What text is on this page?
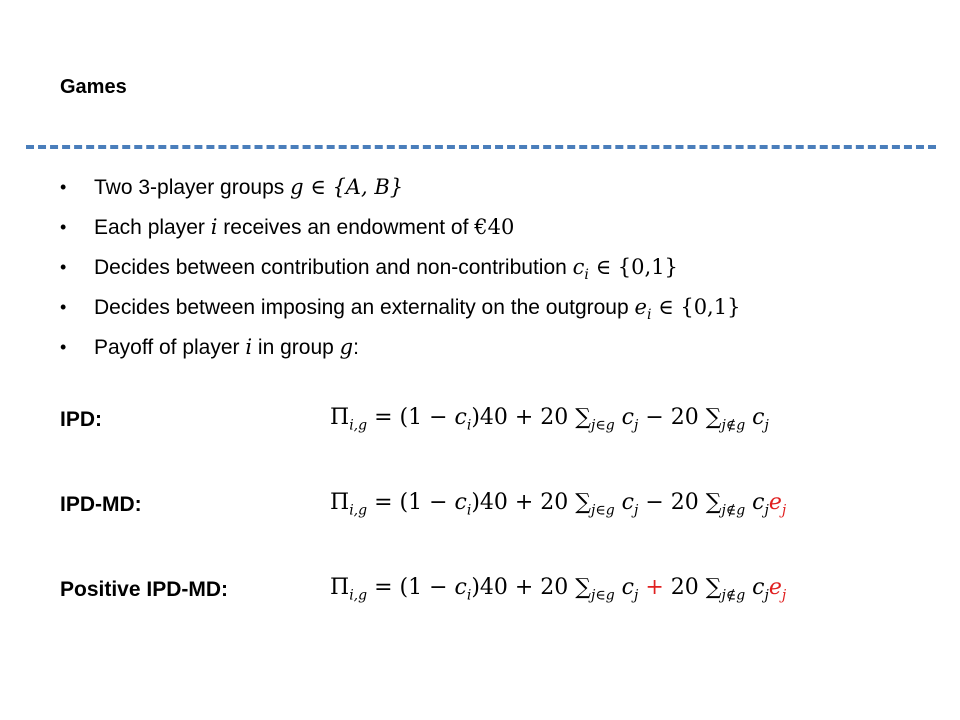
Games
• Two 3-player groups g ∈ {A, B}
• Each player i receives an endowment of €40
• Decides between contribution and non-contribution $c_i$ ∈ {0,1}
• Decides between imposing an externality on the outgroup $e_i$ ∈ {0,1}
• Payoff of player i in group g:
IPD:	$\Pi_{i,g} = (1 - c_i)40 + 20$ $\sum_{j\in g}$ $c_j - 20$ $\sum_{j\notin g}$ $c_j$
IPD-MD:	$\Pi_{i,g} = (1 - c_i)40 + 20$ $\sum_{j\in g}$ $c_j - 20$ $\sum_{j\notin g}$ $c_je_j$
Positive IPD-MD:	$\Pi_{i,g} = (1 - c_i)40 + 20$ $\sum_{j\in g}$ $c_j + 20$ $\sum_{j\notin g}$ $c_je_j$
